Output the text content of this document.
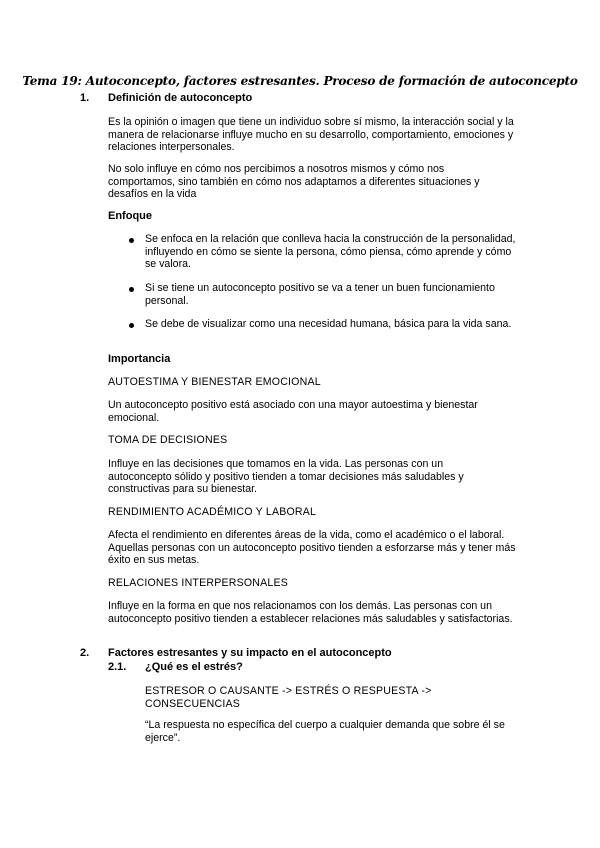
Tema 19: Autoconcepto, factores estresantes. Proceso de formación de autoconcepto
1. Definición de autoconcepto
Es la opinión o imagen que tiene un individuo sobre sí mismo, la interacción social y la manera de relacionarse influye mucho en su desarrollo, comportamiento, emociones y relaciones interpersonales.
No solo influye en cómo nos percibimos a nosotros mismos y cómo nos comportamos, sino también en cómo nos adaptamos a diferentes situaciones y desafíos en la vida
Enfoque
Se enfoca en la relación que conlleva hacia la construcción de la personalidad, influyendo en cómo se siente la persona, cómo piensa, cómo aprende y cómo se valora.
Si se tiene un autoconcepto positivo se va a tener un buen funcionamiento personal.
Se debe de visualizar como una necesidad humana, básica para la vida sana.
Importancia
AUTOESTIMA Y BIENESTAR EMOCIONAL
Un autoconcepto positivo está asociado con una mayor autoestima y bienestar emocional.
TOMA DE DECISIONES
Influye en las decisiones que tomamos en la vida. Las personas con un autoconcepto sólido y positivo tienden a tomar decisiones más saludables y constructivas para su bienestar.
RENDIMIENTO ACADÉMICO Y LABORAL
Afecta el rendimiento en diferentes áreas de la vida, como el académico o el laboral. Aquellas personas con un autoconcepto positivo tienden a esforzarse más y tener más éxito en sus metas.
RELACIONES INTERPERSONALES
Influye en la forma en que nos relacionamos con los demás. Las personas con un autoconcepto positivo tienden a establecer relaciones más saludables y satisfactorias.
2. Factores estresantes y su impacto en el autoconcepto
2.1. ¿Qué es el estrés?
ESTRESOR O CAUSANTE -> ESTRÉS O RESPUESTA -> CONSECUENCIAS
“La respuesta no específica del cuerpo a cualquier demanda que sobre él se ejerce”.
